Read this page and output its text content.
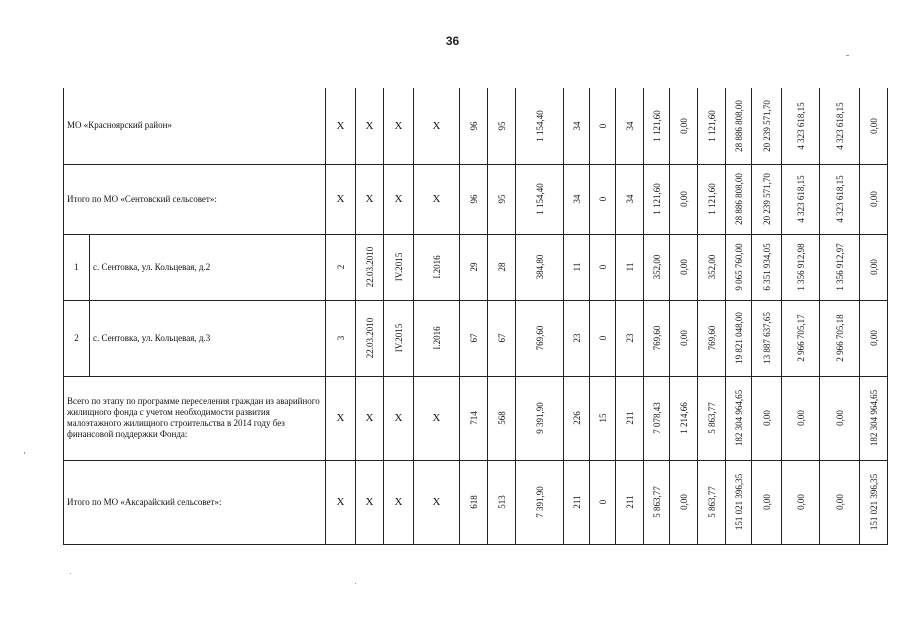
36
МО «Красноярский район»		X	X	X	X	96	95	1 154,40	34	0	34	1 121,60	0,00	1 121,60	28 886 808,00	20 239 571,70	4 323 618,15	4 323 618,15	0,00

Итого по МО «Сентовский сельсовет»:		X	X	X	X	96	95	1 154,40	34	0	34	1 121,60	0,00	1 121,60	28 886 808,00	20 239 571,70	4 323 618,15	4 323 618,15	0,00

1	с. Сентовка, ул. Кольцевая, д.2	2	22.03.2010	IV.2015	I.2016	29	28	384,80	11	0	11	352,00	0,00	352,00	9 065 760,00	6 351 934,05	1 356 912,98	1 356 912,97	0,00

2	с. Сентовка, ул. Кольцевая, д.3	3	22.03.2010	IV.2015	I.2016	67	67	769,60	23	0	23	769,60	0,00	769,60	19 821 048,00	13 887 637,65	2 966 705,17	2 966 705,18	0,00

Всего по этапу по программе переселения граждан из аварийного жилищного фонда с учетом необходимости развития малоэтажного жилищного строительства в 2014 году без финансовой поддержки Фонда:		X	X	X	X	714	568	9 391,90	226	15	211	7 078,43	1 214,66	5 863,77	182 304 964,65	0,00	0,00	0,00	182 304 964,65

Итого по МО «Аксарайский сельсовет»:		X	X	X	X	618	513	7 391,90	211	0	211	5 863,77	0,00	5 863,77	151 021 396,35	0,00	0,00	0,00	151 021 396,35
